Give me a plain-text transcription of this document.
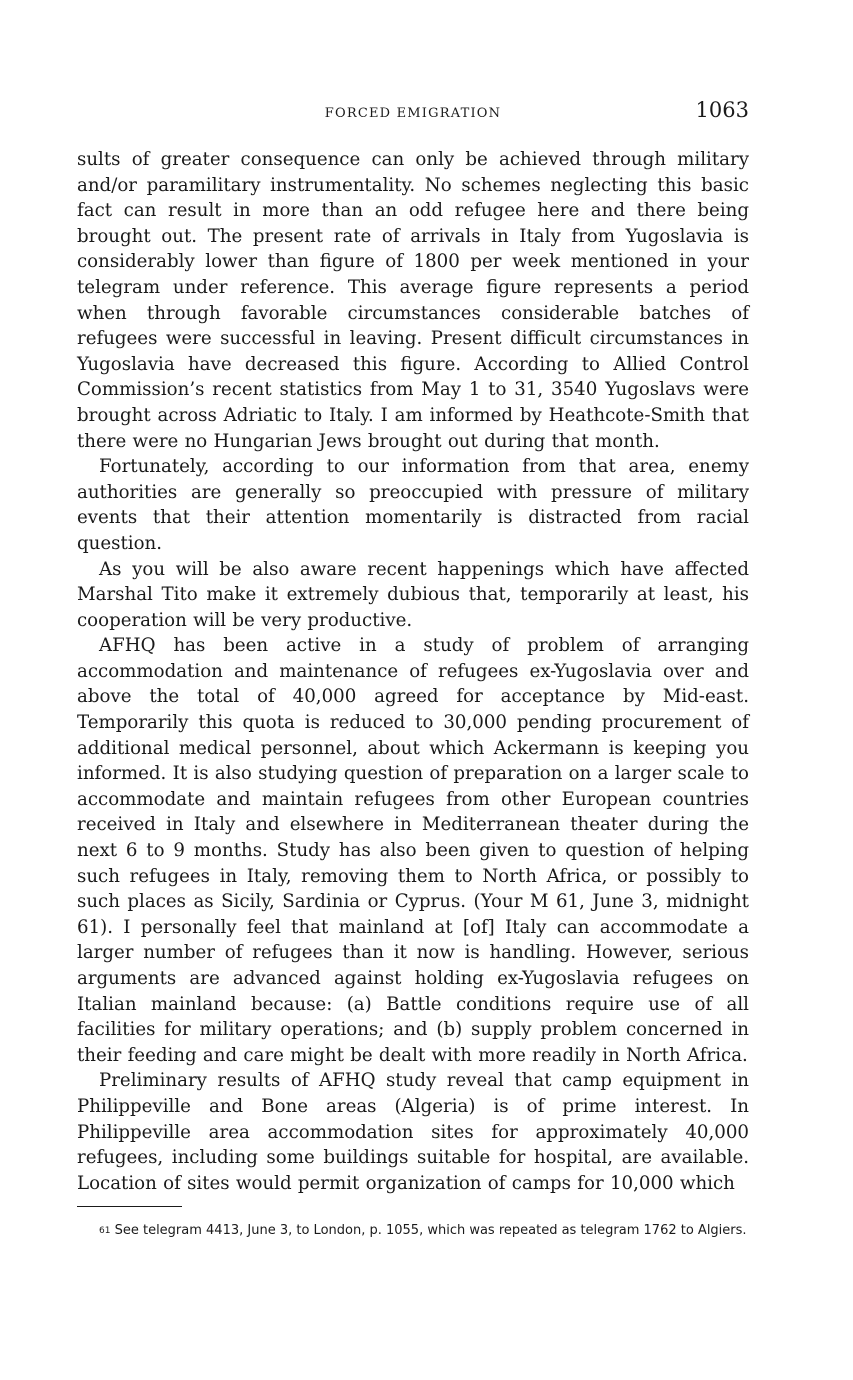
FORCED EMIGRATION	1063

sults of greater consequence can only be achieved through military and/or paramilitary instrumentality. No schemes neglecting this basic fact can result in more than an odd refugee here and there being brought out. The present rate of arrivals in Italy from Yugoslavia is considerably lower than figure of 1800 per week mentioned in your telegram under reference. This average figure represents a period when through favorable circumstances considerable batches of refugees were successful in leaving. Present difficult circumstances in Yugoslavia have decreased this figure. According to Allied Control Commission’s recent statistics from May 1 to 31, 3540 Yugoslavs were brought across Adriatic to Italy. I am informed by Heathcote-Smith that there were no Hungarian Jews brought out during that month.

Fortunately, according to our information from that area, enemy authorities are generally so preoccupied with pressure of military events that their attention momentarily is distracted from racial question.

As you will be also aware recent happenings which have affected Marshal Tito make it extremely dubious that, temporarily at least, his cooperation will be very productive.

AFHQ has been active in a study of problem of arranging accommodation and maintenance of refugees ex-Yugoslavia over and above the total of 40,000 agreed for acceptance by Mid-east. Temporarily this quota is reduced to 30,000 pending procurement of additional medical personnel, about which Ackermann is keeping you informed. It is also studying question of preparation on a larger scale to accommodate and maintain refugees from other European countries received in Italy and elsewhere in Mediterranean theater during the next 6 to 9 months. Study has also been given to question of helping such refugees in Italy, removing them to North Africa, or possibly to such places as Sicily, Sardinia or Cyprus. (Your M 61, June 3, midnight 61). I personally feel that mainland at [of] Italy can accommodate a larger number of refugees than it now is handling. However, serious arguments are advanced against holding ex-Yugoslavia refugees on Italian mainland because: (a) Battle conditions require use of all facilities for military operations; and (b) supply problem concerned in their feeding and care might be dealt with more readily in North Africa.

Preliminary results of AFHQ study reveal that camp equipment in Philippeville and Bone areas (Algeria) is of prime interest. In Philippeville area accommodation sites for approximately 40,000 refugees, including some buildings suitable for hospital, are available. Location of sites would permit organization of camps for 10,000 which

$^{61}$ See telegram 4413, June 3, to London, p. 1055, which was repeated as telegram 1762 to Algiers.
